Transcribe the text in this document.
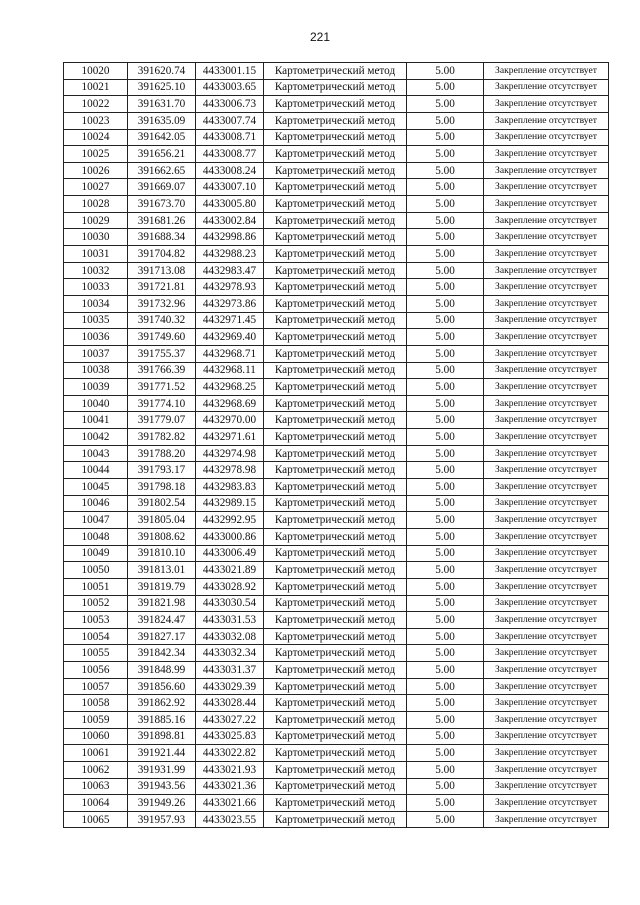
221
10020	391620.74	4433001.15	Картометрический метод	5.00	Закрепление отсутствует
10021	391625.10	4433003.65	Картометрический метод	5.00	Закрепление отсутствует
10022	391631.70	4433006.73	Картометрический метод	5.00	Закрепление отсутствует
10023	391635.09	4433007.74	Картометрический метод	5.00	Закрепление отсутствует
10024	391642.05	4433008.71	Картометрический метод	5.00	Закрепление отсутствует
10025	391656.21	4433008.77	Картометрический метод	5.00	Закрепление отсутствует
10026	391662.65	4433008.24	Картометрический метод	5.00	Закрепление отсутствует
10027	391669.07	4433007.10	Картометрический метод	5.00	Закрепление отсутствует
10028	391673.70	4433005.80	Картометрический метод	5.00	Закрепление отсутствует
10029	391681.26	4433002.84	Картометрический метод	5.00	Закрепление отсутствует
10030	391688.34	4432998.86	Картометрический метод	5.00	Закрепление отсутствует
10031	391704.82	4432988.23	Картометрический метод	5.00	Закрепление отсутствует
10032	391713.08	4432983.47	Картометрический метод	5.00	Закрепление отсутствует
10033	391721.81	4432978.93	Картометрический метод	5.00	Закрепление отсутствует
10034	391732.96	4432973.86	Картометрический метод	5.00	Закрепление отсутствует
10035	391740.32	4432971.45	Картометрический метод	5.00	Закрепление отсутствует
10036	391749.60	4432969.40	Картометрический метод	5.00	Закрепление отсутствует
10037	391755.37	4432968.71	Картометрический метод	5.00	Закрепление отсутствует
10038	391766.39	4432968.11	Картометрический метод	5.00	Закрепление отсутствует
10039	391771.52	4432968.25	Картометрический метод	5.00	Закрепление отсутствует
10040	391774.10	4432968.69	Картометрический метод	5.00	Закрепление отсутствует
10041	391779.07	4432970.00	Картометрический метод	5.00	Закрепление отсутствует
10042	391782.82	4432971.61	Картометрический метод	5.00	Закрепление отсутствует
10043	391788.20	4432974.98	Картометрический метод	5.00	Закрепление отсутствует
10044	391793.17	4432978.98	Картометрический метод	5.00	Закрепление отсутствует
10045	391798.18	4432983.83	Картометрический метод	5.00	Закрепление отсутствует
10046	391802.54	4432989.15	Картометрический метод	5.00	Закрепление отсутствует
10047	391805.04	4432992.95	Картометрический метод	5.00	Закрепление отсутствует
10048	391808.62	4433000.86	Картометрический метод	5.00	Закрепление отсутствует
10049	391810.10	4433006.49	Картометрический метод	5.00	Закрепление отсутствует
10050	391813.01	4433021.89	Картометрический метод	5.00	Закрепление отсутствует
10051	391819.79	4433028.92	Картометрический метод	5.00	Закрепление отсутствует
10052	391821.98	4433030.54	Картометрический метод	5.00	Закрепление отсутствует
10053	391824.47	4433031.53	Картометрический метод	5.00	Закрепление отсутствует
10054	391827.17	4433032.08	Картометрический метод	5.00	Закрепление отсутствует
10055	391842.34	4433032.34	Картометрический метод	5.00	Закрепление отсутствует
10056	391848.99	4433031.37	Картометрический метод	5.00	Закрепление отсутствует
10057	391856.60	4433029.39	Картометрический метод	5.00	Закрепление отсутствует
10058	391862.92	4433028.44	Картометрический метод	5.00	Закрепление отсутствует
10059	391885.16	4433027.22	Картометрический метод	5.00	Закрепление отсутствует
10060	391898.81	4433025.83	Картометрический метод	5.00	Закрепление отсутствует
10061	391921.44	4433022.82	Картометрический метод	5.00	Закрепление отсутствует
10062	391931.99	4433021.93	Картометрический метод	5.00	Закрепление отсутствует
10063	391943.56	4433021.36	Картометрический метод	5.00	Закрепление отсутствует
10064	391949.26	4433021.66	Картометрический метод	5.00	Закрепление отсутствует
10065	391957.93	4433023.55	Картометрический метод	5.00	Закрепление отсутствует
